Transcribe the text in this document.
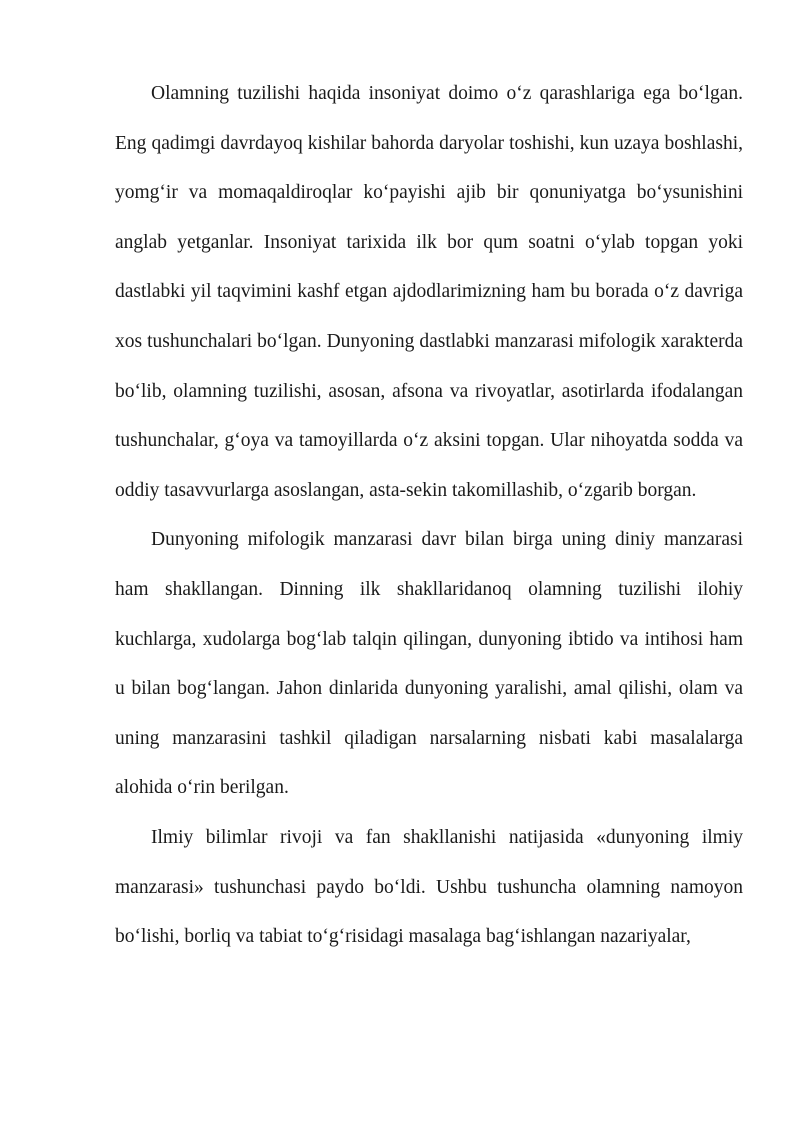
Olamning tuzilishi haqida insoniyat doimo o‘z qarashlariga ega bo‘lgan. Eng qadimgi davrdayoq kishilar bahorda daryolar toshishi, kun uzaya boshlashi, yomg‘ir va momaqaldiroqlar ko‘payishi ajib bir qonuniyatga bo‘ysunishini anglab yetganlar. Insoniyat tarixida ilk bor qum soatni o‘ylab topgan yoki dastlabki yil taqvimini kashf etgan ajdodlarimizning ham bu borada o‘z davriga xos tushunchalari bo‘lgan. Dunyoning dastlabki manzarasi mifologik xarakterda bo‘lib, olamning tuzilishi, asosan, afsona va rivoyatlar, asotirlarda ifodalangan tushunchalar, g‘oya va tamoyillarda o‘z aksini topgan. Ular nihoyatda sodda va oddiy tasavvurlarga asoslangan, asta-sekin takomillashib, o‘zgarib borgan.

Dunyoning mifologik manzarasi davr bilan birga uning diniy manzarasi ham shakllangan. Dinning ilk shakllaridanoq olamning tuzilishi ilohiy kuchlarga, xudolarga bog‘lab talqin qilingan, dunyoning ibtido va intihosi ham u bilan bog‘langan. Jahon dinlarida dunyoning yaralishi, amal qilishi, olam va uning manzarasini tashkil qiladigan narsalarning nisbati kabi masalalarga alohida o‘rin berilgan.

Ilmiy bilimlar rivoji va fan shakllanishi natijasida «dunyoning ilmiy manzarasi» tushunchasi paydo bo‘ldi. Ushbu tushuncha olamning namoyon bo‘lishi, borliq va tabiat to‘g‘risidagi masalaga bag‘ishlangan nazariyalar,
